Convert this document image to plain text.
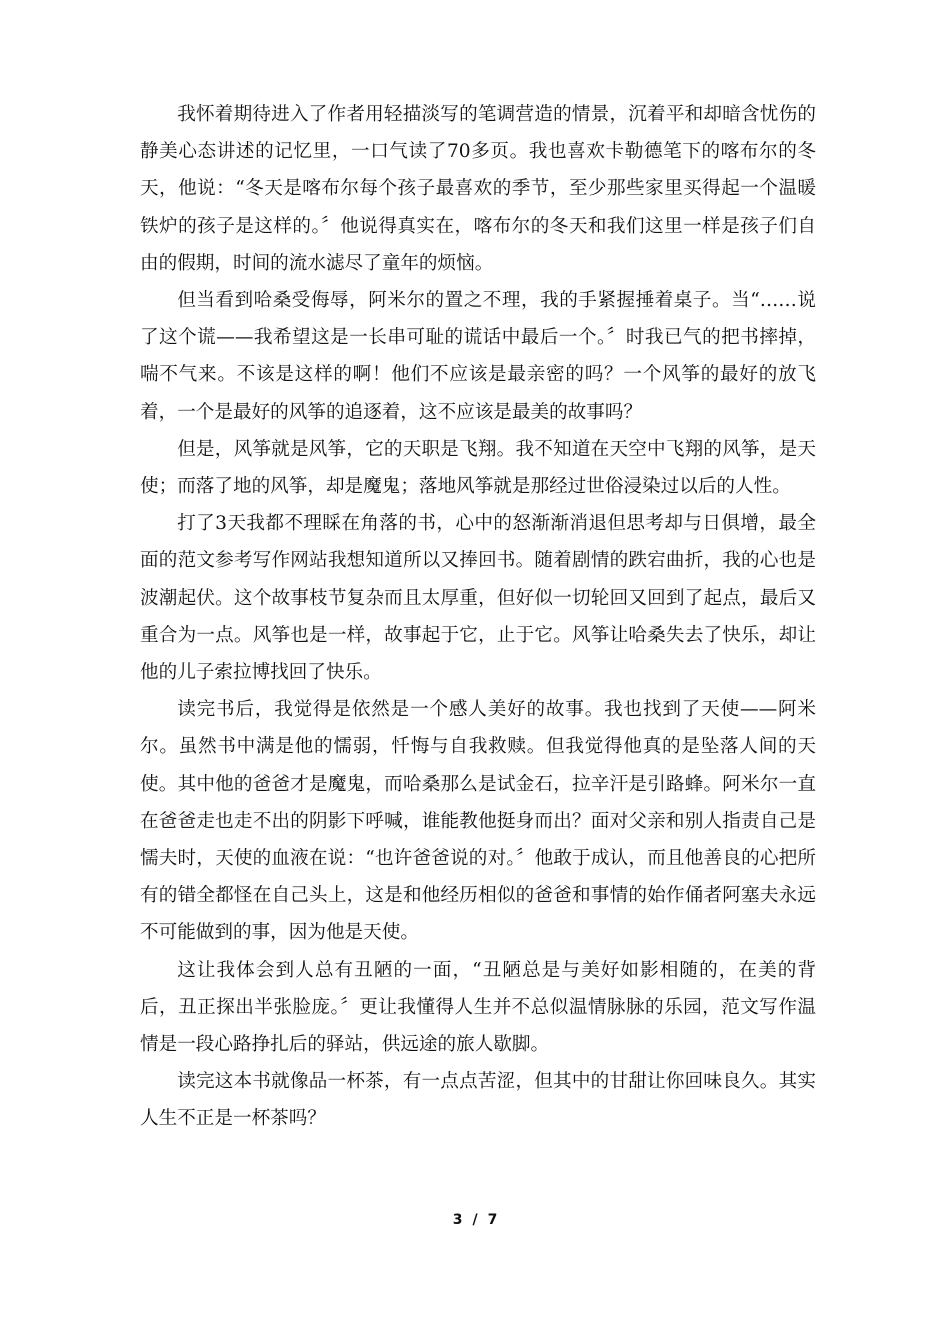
我怀着期待进入了作者用轻描淡写的笔调营造的情景，沉着平和却暗含忧伤的静美心态讲述的记忆里，一口气读了70多页。我也喜欢卡勒德笔下的喀布尔的冬天，他说：“冬天是喀布尔每个孩子最喜欢的季节，至少那些家里买得起一个温暖铁炉的孩子是这样的。〞他说得真实在，喀布尔的冬天和我们这里一样是孩子们自由的假期，时间的流水滤尽了童年的烦恼。

但当看到哈桑受侮辱，阿米尔的置之不理，我的手紧握捶着桌子。当“……说了这个谎——我希望这是一长串可耻的谎话中最后一个。〞时我已气的把书摔掉，喘不气来。不该是这样的啊！他们不应该是最亲密的吗？一个风筝的最好的放飞着，一个是最好的风筝的追逐着，这不应该是最美的故事吗？

但是，风筝就是风筝，它的天职是飞翔。我不知道在天空中飞翔的风筝，是天使；而落了地的风筝，却是魔鬼；落地风筝就是那经过世俗浸染过以后的人性。

打了3天我都不理睬在角落的书，心中的怒渐渐消退但思考却与日俱增，最全面的范文参考写作网站我想知道所以又捧回书。随着剧情的跌宕曲折，我的心也是波潮起伏。这个故事枝节复杂而且太厚重，但好似一切轮回又回到了起点，最后又重合为一点。风筝也是一样，故事起于它，止于它。风筝让哈桑失去了快乐，却让他的儿子索拉博找回了快乐。

读完书后，我觉得是依然是一个感人美好的故事。我也找到了天使——阿米尔。虽然书中满是他的懦弱，忏悔与自我救赎。但我觉得他真的是坠落人间的天使。其中他的爸爸才是魔鬼，而哈桑那么是试金石，拉辛汗是引路蜂。阿米尔一直在爸爸走也走不出的阴影下呼喊，谁能教他挺身而出？面对父亲和别人指责自己是懦夫时，天使的血液在说：“也许爸爸说的对。〞他敢于成认，而且他善良的心把所有的错全都怪在自己头上，这是和他经历相似的爸爸和事情的始作俑者阿塞夫永远不可能做到的事，因为他是天使。

这让我体会到人总有丑陋的一面，“丑陋总是与美好如影相随的，在美的背后，丑正探出半张脸庞。〞更让我懂得人生并不总似温情脉脉的乐园，范文写作温情是一段心路挣扎后的驿站，供远途的旅人歇脚。

读完这本书就像品一杯茶，有一点点苦涩，但其中的甘甜让你回味良久。其实人生不正是一杯茶吗？

3 / 7
